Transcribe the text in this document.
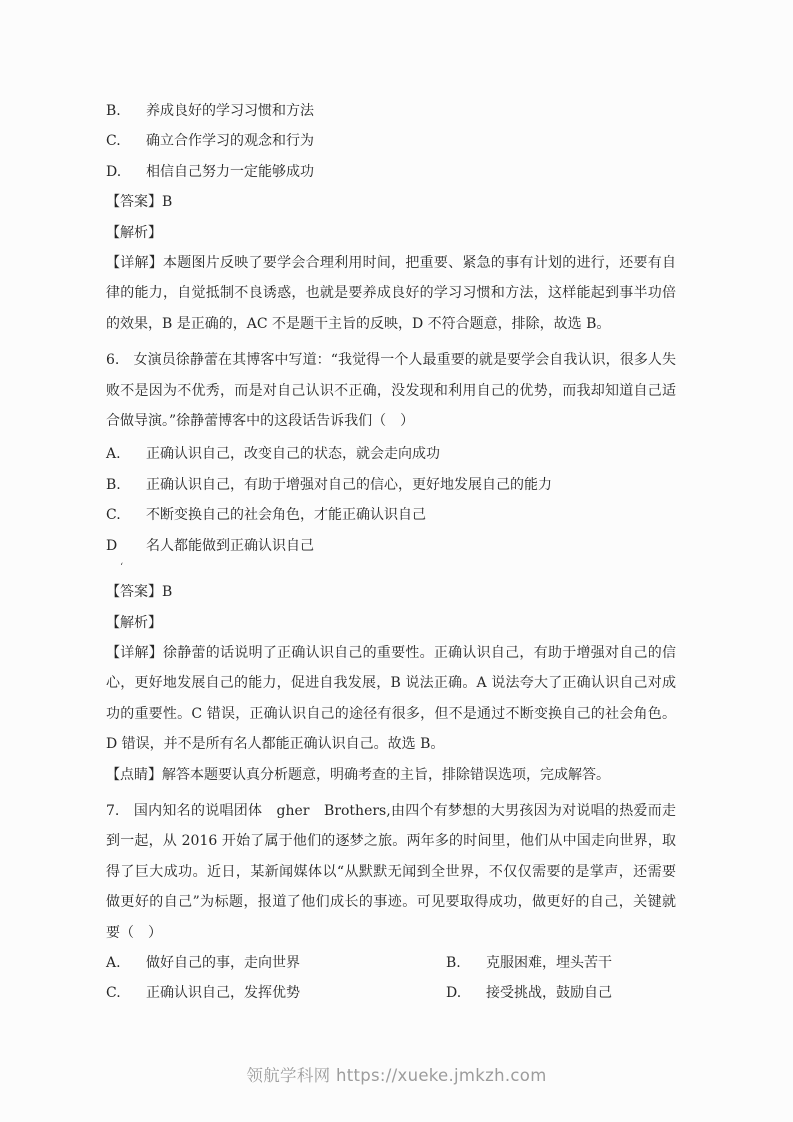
B. 养成良好的学习习惯和方法
C. 确立合作学习的观念和行为
D. 相信自己努力一定能够成功
【答案】B
【解析】
【详解】本题图片反映了要学会合理利用时间，把重要、紧急的事有计划的进行，还要有自
律的能力，自觉抵制不良诱惑，也就是要养成良好的学习习惯和方法，这样能起到事半功倍
的效果，B 是正确的，AC 不是题干主旨的反映，D 不符合题意，排除，故选 B。
6.　女演员徐静蕾在其博客中写道：“我觉得一个人最重要的就是要学会自我认识，很多人失
败不是因为不优秀，而是对自己认识不正确，没发现和利用自己的优势，而我却知道自己适
合做导演。”徐静蕾博客中的这段话告诉我们（　）
A. 正确认识自己，改变自己的状态，就会走向成功
B. 正确认识自己，有助于增强对自己的信心，更好地发展自己的能力
C. 不断变换自己的社会角色，才能正确认识自己
D 名人都能做到正确认识自己
‘
【答案】B
【解析】
【详解】徐静蕾的话说明了正确认识自己的重要性。正确认识自己，有助于增强对自己的信
心，更好地发展自己的能力，促进自我发展，B 说法正确。A 说法夸大了正确认识自己对成
功的重要性。C 错误，正确认识自己的途径有很多，但不是通过不断变换自己的社会角色。
D 错误，并不是所有名人都能正确认识自己。故选 B。
【点睛】解答本题要认真分析题意，明确考查的主旨，排除错误选项，完成解答。
7.　国内知名的说唱团体　gher　Brothers,由四个有梦想的大男孩因为对说唱的热爱而走
到一起，从 2016 开始了属于他们的逐梦之旅。两年多的时间里，他们从中国走向世界，取
得了巨大成功。近日，某新闻媒体以“从默默无闻到全世界，不仅仅需要的是掌声，还需要
做更好的自己”为标题，报道了他们成长的事迹。可见要取得成功，做更好的自己，关键就
要（　）
A. 做好自己的事，走向世界	B. 克服困难，埋头苦干
C. 正确认识自己，发挥优势	D. 接受挑战，鼓励自己
领航学科网 https://xueke.jmkzh.com
